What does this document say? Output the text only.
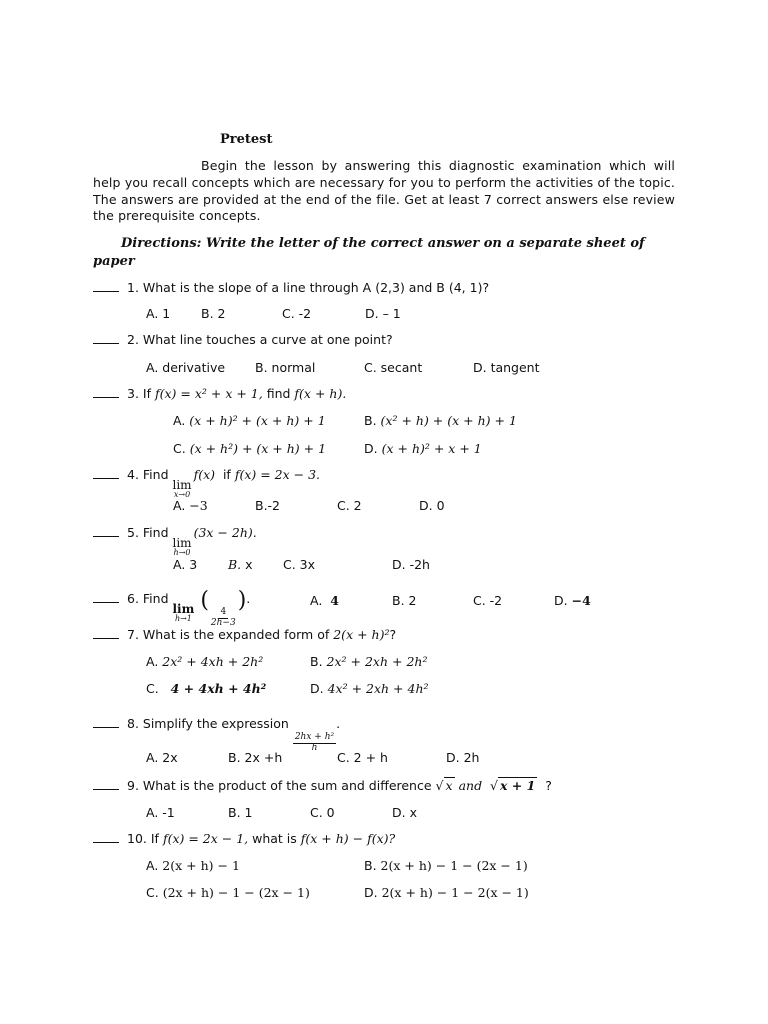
Pretest
Begin the lesson by answering this diagnostic examination which will help you recall concepts which are necessary for you to perform the activities of the topic. The answers are provided at the end of the file. Get at least 7 correct answers else review the prerequisite concepts.
Directions: Write the letter of the correct answer on a separate sheet of paper
1. What is the slope of a line through A (2,3) and B (4, 1)?
A. 1 B. 2	C. -2	D. – 1
2. What line touches a curve at one point?
A. derivative B. normal	C. secant	D. tangent
3. If f(x) = x² + x + 1, find f(x + h).
A. (x + h)² + (x + h) + 1	B. (x² + h) + (x + h) + 1
C. (x + h²) + (x + h) + 1	D. (x + h)² + x + 1
4. Find
lim
x→0
f(x) if f(x) = 2x − 3.
A. −3	B.-2	C. 2	D. 0
5. Find
lim
h→0
(3x − 2h).
A. 3 B. x C. 3x	D. -2h
6. Find
lim
h→1
(
$\frac{4}{2h-3}$
).	A. 4	B. 2	C. -2	D. −4
7. What is the expanded form of 2(x + h)²?
A. 2x² + 4xh + 2h²	B. 2x² + 2xh + 2h²
C. 4 + 4xh + 4h²	D. 4x² + 2xh + 4h²
8. Simplify the expression
$\frac{\text{2hx + h²}}{h}$
.
A. 2x	B. 2x +h	C. 2 + h	D. 2h
9. What is the product of the sum and difference √ x and √ x + 1 ?
A. -1	B. 1	C. 0	D. x
10. If f(x) = 2x − 1, what is f(x + h) − f(x)?
A. 2(x + h) − 1	B. 2(x + h) − 1 − (2x − 1)
C. (2x + h) − 1 − (2x − 1)	D. 2(x + h) − 1 − 2(x − 1)
